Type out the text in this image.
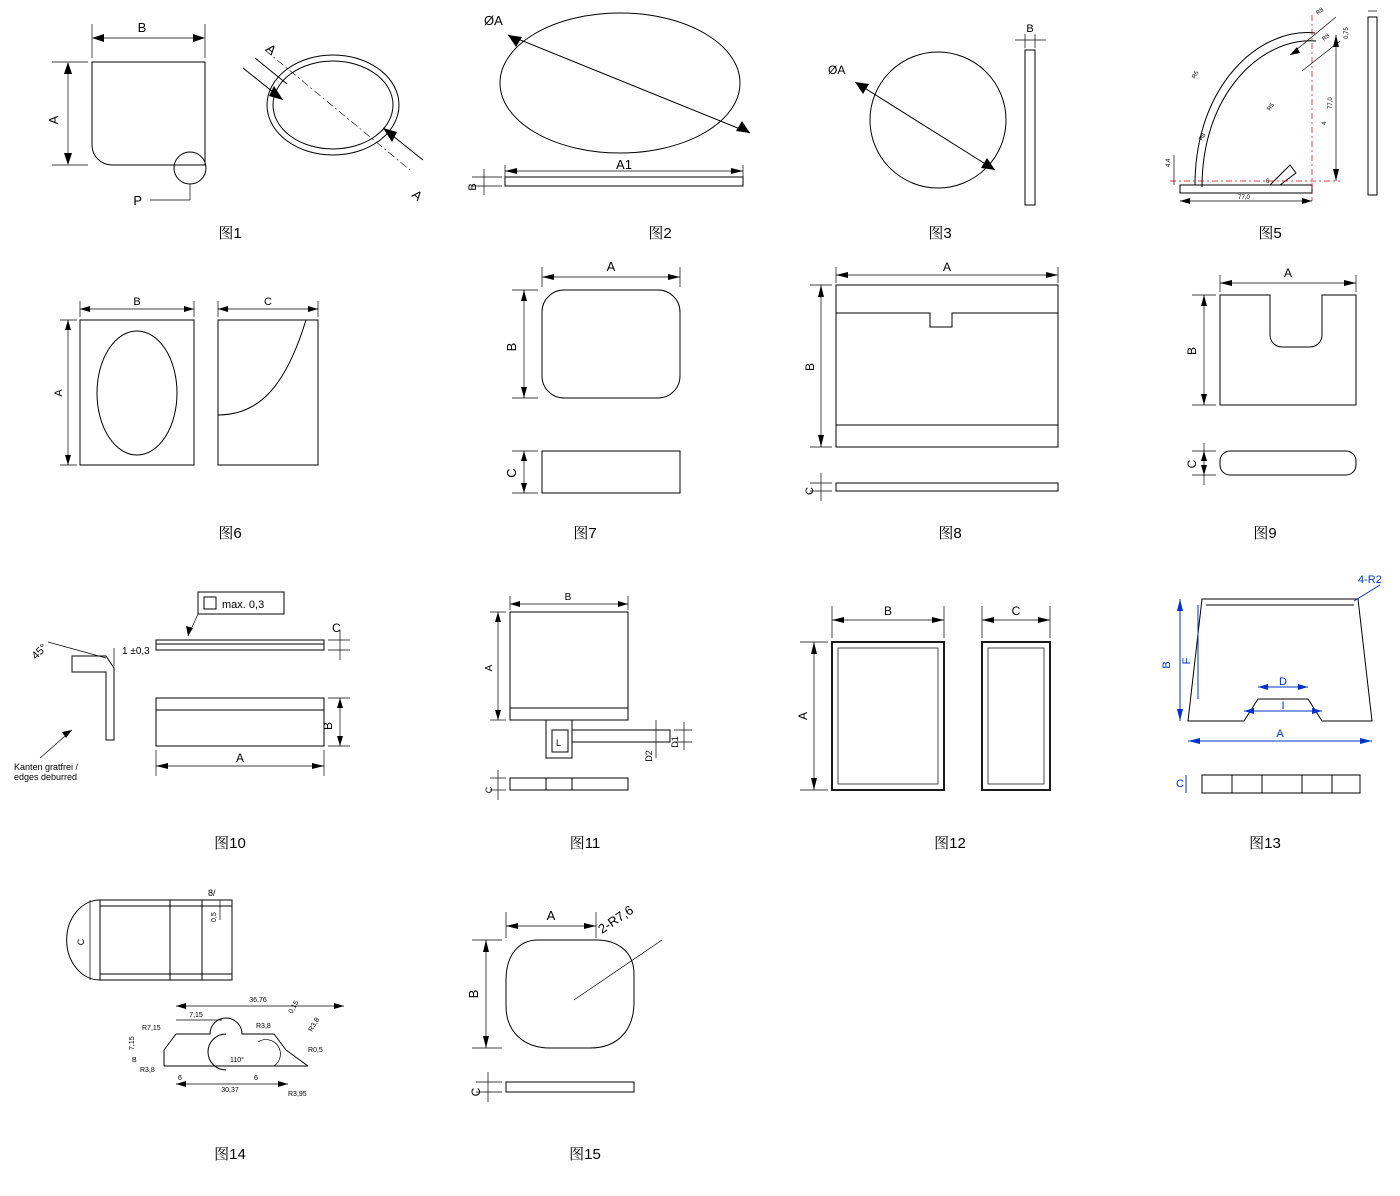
B
A
P
图1
A
A
ØA
A1
B
图2
ØA
B
图3
R8
R8
R5
R8
R5	77,0
0,75
4
4,4
6
77,0
图5
B
A
C
图6
A
B
C
图7
A
B
C
图8
A
B
C
图9
max. 0,3
C
45°	1 ±0,3
Kanten gratfrei /
edges deburred
B
A
图10
B
A
D1
D2
L
C
图11
B
A
C
图12
B
F
D
I
A
4-R2
C
图13
8/
0,5
C
36,76
7,15
R7,15
7,15
R3,8
R3,8
0,15
R3,8
R0,5
110°
30,37
R3,95
B
6	6
图14
A
B
2-R7,6
C
图15
